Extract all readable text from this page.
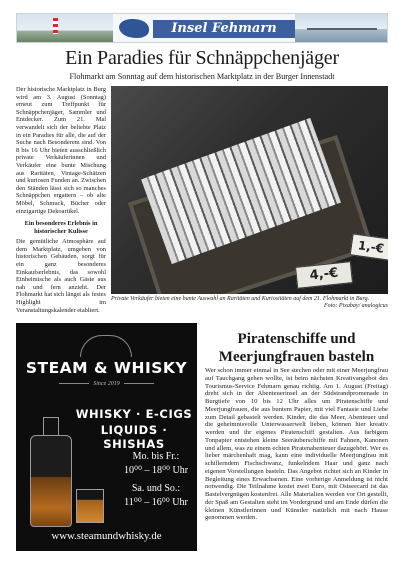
Insel Fehmarn
Ein Paradies für Schnäppchenjäger
Flohmarkt am Sonntag auf dem historischen Marktplatz in der Burger Innenstadt

Der historische Marktplatz in Burg wird am 3. August (Sonntag) erneut zum Treffpunkt für Schnäppchenjäger, Sammler und Entdecker. Zum 21. Mal verwandelt sich der beliebte Platz in ein Paradies für alle, die auf der Suche nach Besonderem sind. Von 8 bis 16 Uhr bieten ausschließlich private Verkäuferinnen und Verkäufer eine bunte Mischung aus Raritäten, Vintage-Schätzen und kuriosen Funden an. Zwischen den Ständen lässt sich so manches Schnäppchen ergattern – ob alte Möbel, Schmuck, Bücher oder einzigartige Dekoartikel.

Ein besonderes Erlebnis in historischer Kulisse

Die gemütliche Atmosphäre auf dem Marktplatz, umgeben von historischen Gebäuden, sorgt für ein ganz besonderes Einkaufserlebnis, das sowohl Einheimische als auch Gäste aus nah und fern anzieht. Der Flohmarkt hat sich längst als festes Highlight im Veranstaltungskalender etabliert.

4,-€
1,-€
Private Verkäufer bieten eine bunte Auswahl an Raritäten und Kuriositäten auf dem 21. Flohmarkt in Burg.
Foto: Pixabay/ analogicus
STEAM & WHISKY
Since 2019
WHISKY · E-CIGS
LIQUIDS · SHISHAS
Mo. bis Fr.:
10⁰⁰ – 18⁰⁰ Uhr
Sa. und So.:
11⁰⁰ – 16⁰⁰ Uhr
www.steamundwhisky.de
Piratenschiffe und Meerjungfrauen basteln
Wer schon immer einmal in See stechen oder mit einer Meerjungfrau auf Tauchgang gehen wollte, ist beim nächsten Kreativangebot des Tourismus-Service Fehmarn genau richtig. Am 1. August (Freitag) dreht sich in der Abenteuerinsel an der Südstrandpromenade in Burgtiefe von 10 bis 12 Uhr alles um Piratenschiffe und Meerjungfrauen, die aus buntem Papier, mit viel Fantasie und Liebe zum Detail gebastelt werden. Kinder, die das Meer, Abenteuer und die geheimnisvolle Unterwasserwelt lieben, können hier kreativ werden und ihr eigenes Piratenschiff gestalten. Aus farbigem Tonpapier entstehen kleine Seeräuberschiffe mit Fahnen, Kanonen und allem, was zu einem echten Piratenabenteuer dazugehört. Wer es lieber märchenhaft mag, kann eine individuelle Meerjungfrau mit schillerndem Fischschwanz, funkelndem Haar und ganz nach eigenen Vorstellungen basteln. Das Angebot richtet sich an Kinder in Begleitung eines Erwachsenen. Eine vorherige Anmeldung ist nicht notwendig. Die Teilnahme kostet zwei Euro, mit Ostseecard ist das Bastelvergnügen kostenfrei. Alle Materialien werden vor Ort gestellt, der Spaß am Gestalten steht im Vordergrund und am Ende dürfen die kleinen Künstlerinnen und Künstler natürlich mit nach Hause genommen werden.
